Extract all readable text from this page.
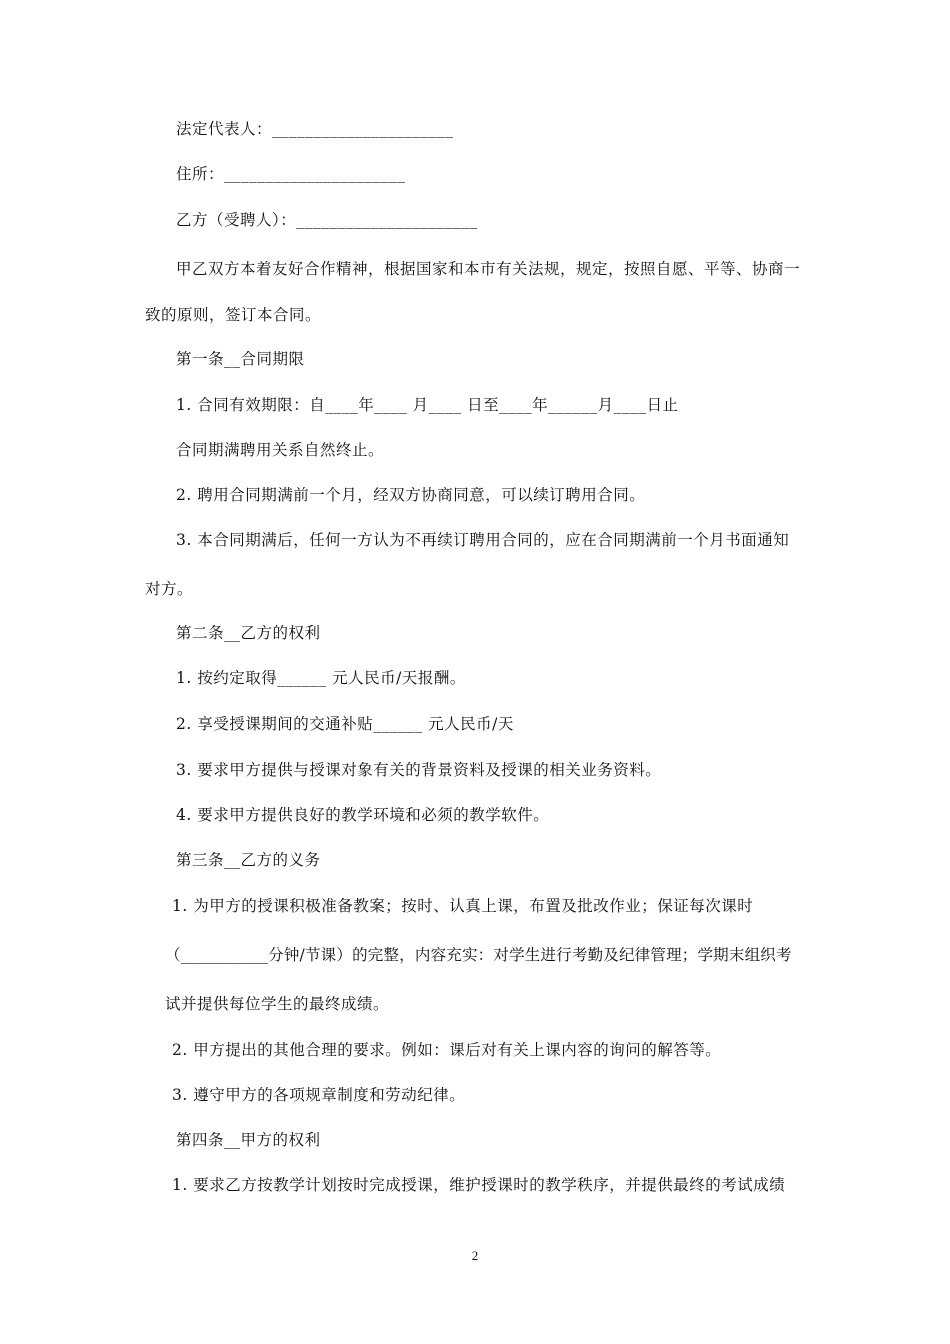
法定代表人：______________________
住所：______________________
乙方（受聘人）：______________________
甲乙双方本着友好合作精神，根据国家和本市有关法规，规定，按照自愿、平等、协商一
致的原则，签订本合同。
第一条__合同期限
1. 合同有效期限：自____年____ 月____ 日至____年______月____日止
合同期满聘用关系自然终止。
2. 聘用合同期满前一个月，经双方协商同意，可以续订聘用合同。
3. 本合同期满后，任何一方认为不再续订聘用合同的，应在合同期满前一个月书面通知
对方。
第二条__乙方的权利
1. 按约定取得______ 元人民币/天报酬。
2. 享受授课期间的交通补贴______ 元人民币/天
3. 要求甲方提供与授课对象有关的背景资料及授课的相关业务资料。
4. 要求甲方提供良好的教学环境和必须的教学软件。
第三条__乙方的义务
1. 为甲方的授课积极准备教案；按时、认真上课，布置及批改作业；保证每次课时
（___________分钟/节课）的完整，内容充实：对学生进行考勤及纪律管理；学期末组织考
试并提供每位学生的最终成绩。
2. 甲方提出的其他合理的要求。例如：课后对有关上课内容的询问的解答等。
3. 遵守甲方的各项规章制度和劳动纪律。
第四条__甲方的权利
1. 要求乙方按教学计划按时完成授课，维护授课时的教学秩序，并提供最终的考试成绩
2
